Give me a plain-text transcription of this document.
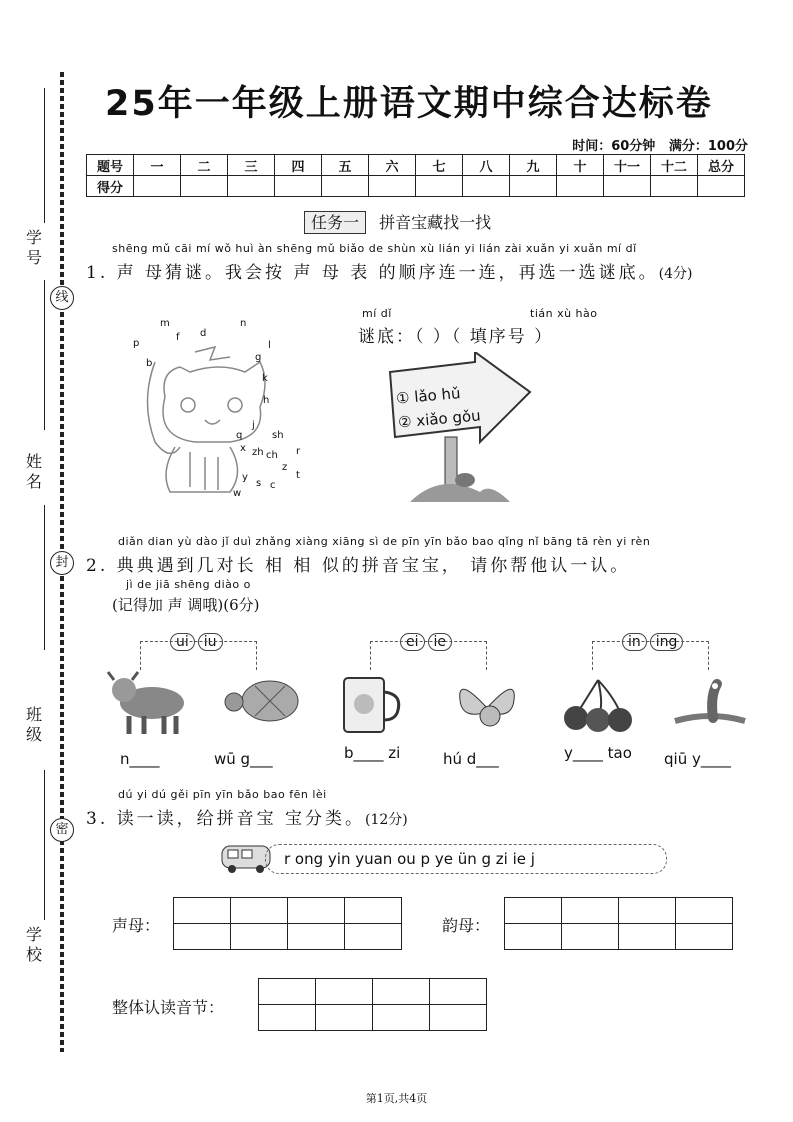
学号
姓名
班级
学校
线
封
密
25年一年级上册语文期中综合达标卷
时间：60分钟 满分：100分
题号	一	二	三	四	五	六	七	八	九	十	十一	十二	总分
得分													
任务一 拼音宝藏找一找
shēng mǔ cāi mí wǒ huì àn shēng mǔ biǎo de shùn xù lián yi lián zài xuǎn yi xuǎn mí dǐ
1. 声 母猜谜。我会按 声 母 表 的顺序连一连，再选一选谜底。(4分)
m	n
p
f d
b
g
k
h
q
j
sh
x zh ch r
z
y
s c
w
l
t
mí dǐ	tián xù hào
谜底：（ ）（ 填序号 ）
① lǎo hǔ
② xiǎo gǒu
diǎn dian yù dào jǐ duì zhǎng xiàng xiāng sì de pīn yīn bǎo bao qǐng nǐ bāng tā rèn yi rèn
2. 典典遇到几对长 相 相 似的拼音宝宝， 请你帮他认一认。
jì de jiā shēng diào o
(记得加 声 调哦)(6分)
ui iu	ei ie	in ing
n____	wū g___	b____ zi	hú d___	y____ tao qiū y____
dú yi dú gěi pīn yīn bǎo bao fēn lèi
3. 读一读，给拼音宝 宝分类。(12分)
r ong yin yuan ou p ye ün g zi ie j
声母：

				韵母：

整体认读音节：

第1页,共4页
